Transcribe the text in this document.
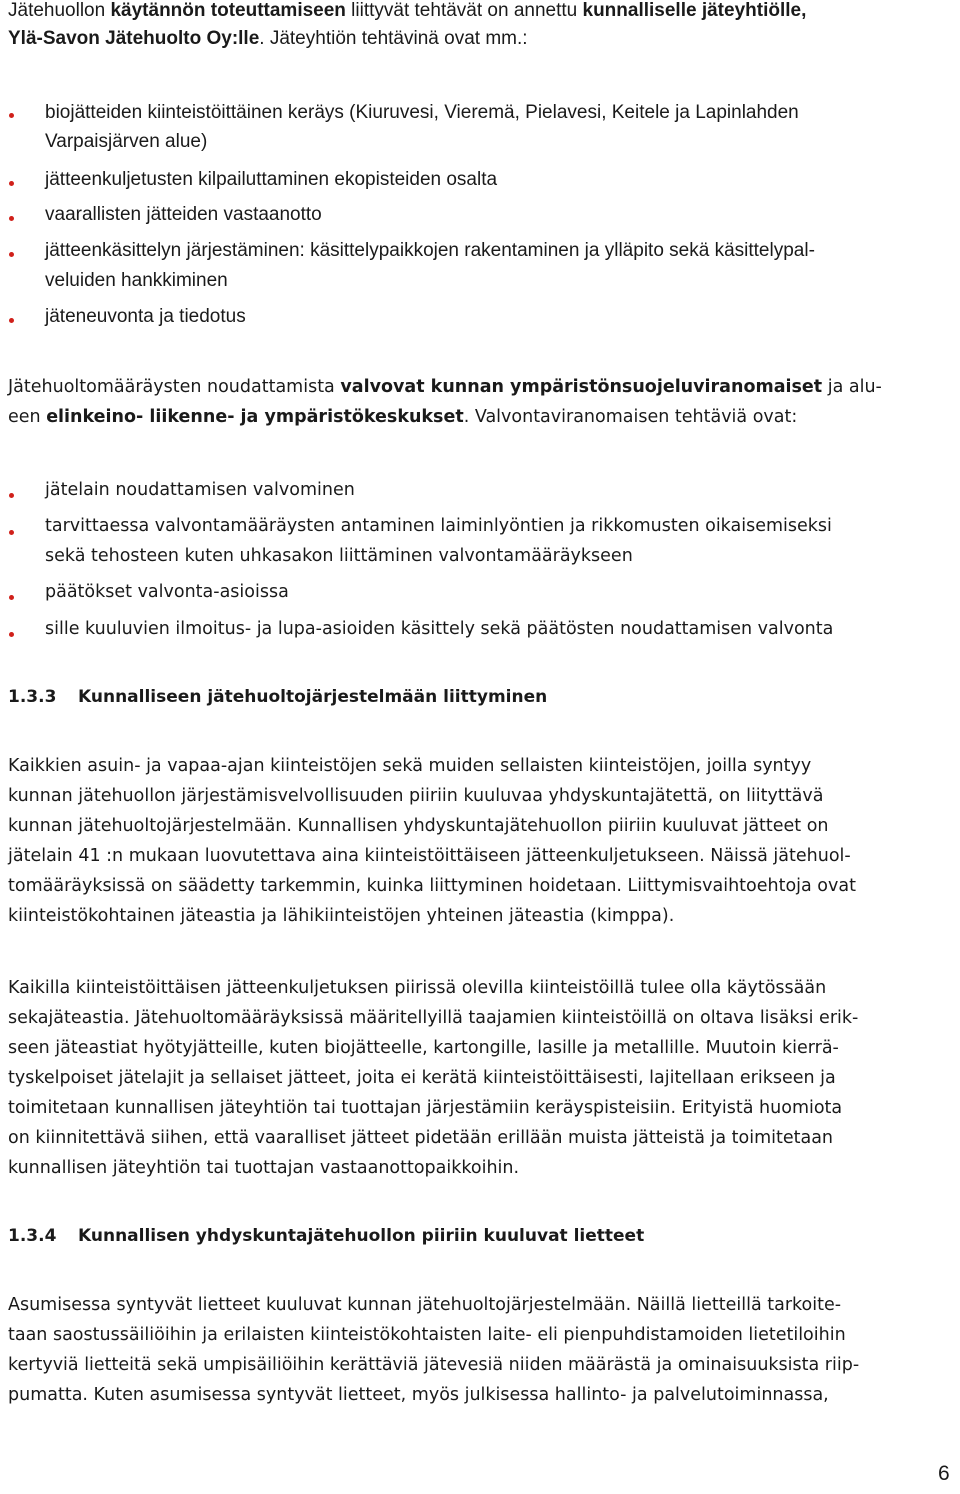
Jätehuollon käytännön toteuttamiseen liittyvät tehtävät on annettu kunnalliselle jäteyhtiölle,
Ylä-Savon Jätehuolto Oy:lle. Jäteyhtiön tehtävinä ovat mm.:
biojätteiden kiinteistöittäinen keräys (Kiuruvesi, Vieremä, Pielavesi, Keitele ja Lapinlahden
Varpaisjärven alue)
jätteenkuljetusten kilpailuttaminen ekopisteiden osalta
vaarallisten jätteiden vastaanotto
jätteenkäsittelyn järjestäminen: käsittelypaikkojen rakentaminen ja ylläpito sekä käsittelypal-
veluiden hankkiminen
jäteneuvonta ja tiedotus
Jätehuoltomääräysten noudattamista valvovat kunnan ympäristönsuojeluviranomaiset ja alu-
een elinkeino- liikenne- ja ympäristökeskukset. Valvontaviranomaisen tehtäviä ovat:
jätelain noudattamisen valvominen
tarvittaessa valvontamääräysten antaminen laiminlyöntien ja rikkomusten oikaisemiseksi
sekä tehosteen kuten uhkasakon liittäminen valvontamääräykseen
päätökset valvonta-asioissa
sille kuuluvien ilmoitus- ja lupa-asioiden käsittely sekä päätösten noudattamisen valvonta
1.3.3 Kunnalliseen jätehuoltojärjestelmään liittyminen
Kaikkien asuin- ja vapaa-ajan kiinteistöjen sekä muiden sellaisten kiinteistöjen, joilla syntyy
kunnan jätehuollon järjestämisvelvollisuuden piiriin kuuluvaa yhdyskuntajätettä, on liityttävä
kunnan jätehuoltojärjestelmään. Kunnallisen yhdyskuntajätehuollon piiriin kuuluvat jätteet on
jätelain 41 :n mukaan luovutettava aina kiinteistöittäiseen jätteenkuljetukseen. Näissä jätehuol-
tomääräyksissä on säädetty tarkemmin, kuinka liittyminen hoidetaan. Liittymisvaihtoehtoja ovat
kiinteistökohtainen jäteastia ja lähikiinteistöjen yhteinen jäteastia (kimppa).
Kaikilla kiinteistöittäisen jätteenkuljetuksen piirissä olevilla kiinteistöillä tulee olla käytössään
sekajäteastia. Jätehuoltomääräyksissä määritellyillä taajamien kiinteistöillä on oltava lisäksi erik-
seen jäteastiat hyötyjätteille, kuten biojätteelle, kartongille, lasille ja metallille. Muutoin kierrä-
tyskelpoiset jätelajit ja sellaiset jätteet, joita ei kerätä kiinteistöittäisesti, lajitellaan erikseen ja
toimitetaan kunnallisen jäteyhtiön tai tuottajan järjestämiin keräyspisteisiin. Erityistä huomiota
on kiinnitettävä siihen, että vaaralliset jätteet pidetään erillään muista jätteistä ja toimitetaan
kunnallisen jäteyhtiön tai tuottajan vastaanottopaikkoihin.
1.3.4 Kunnallisen yhdyskuntajätehuollon piiriin kuuluvat lietteet
Asumisessa syntyvät lietteet kuuluvat kunnan jätehuoltojärjestelmään. Näillä lietteillä tarkoite-
taan saostussäiliöihin ja erilaisten kiinteistökohtaisten laite- eli pienpuhdistamoiden lietetiloihin
kertyviä lietteitä sekä umpisäiliöihin kerättäviä jätevesiä niiden määrästä ja ominaisuuksista riip-
pumatta. Kuten asumisessa syntyvät lietteet, myös julkisessa hallinto- ja palvelutoiminnassa,
6
